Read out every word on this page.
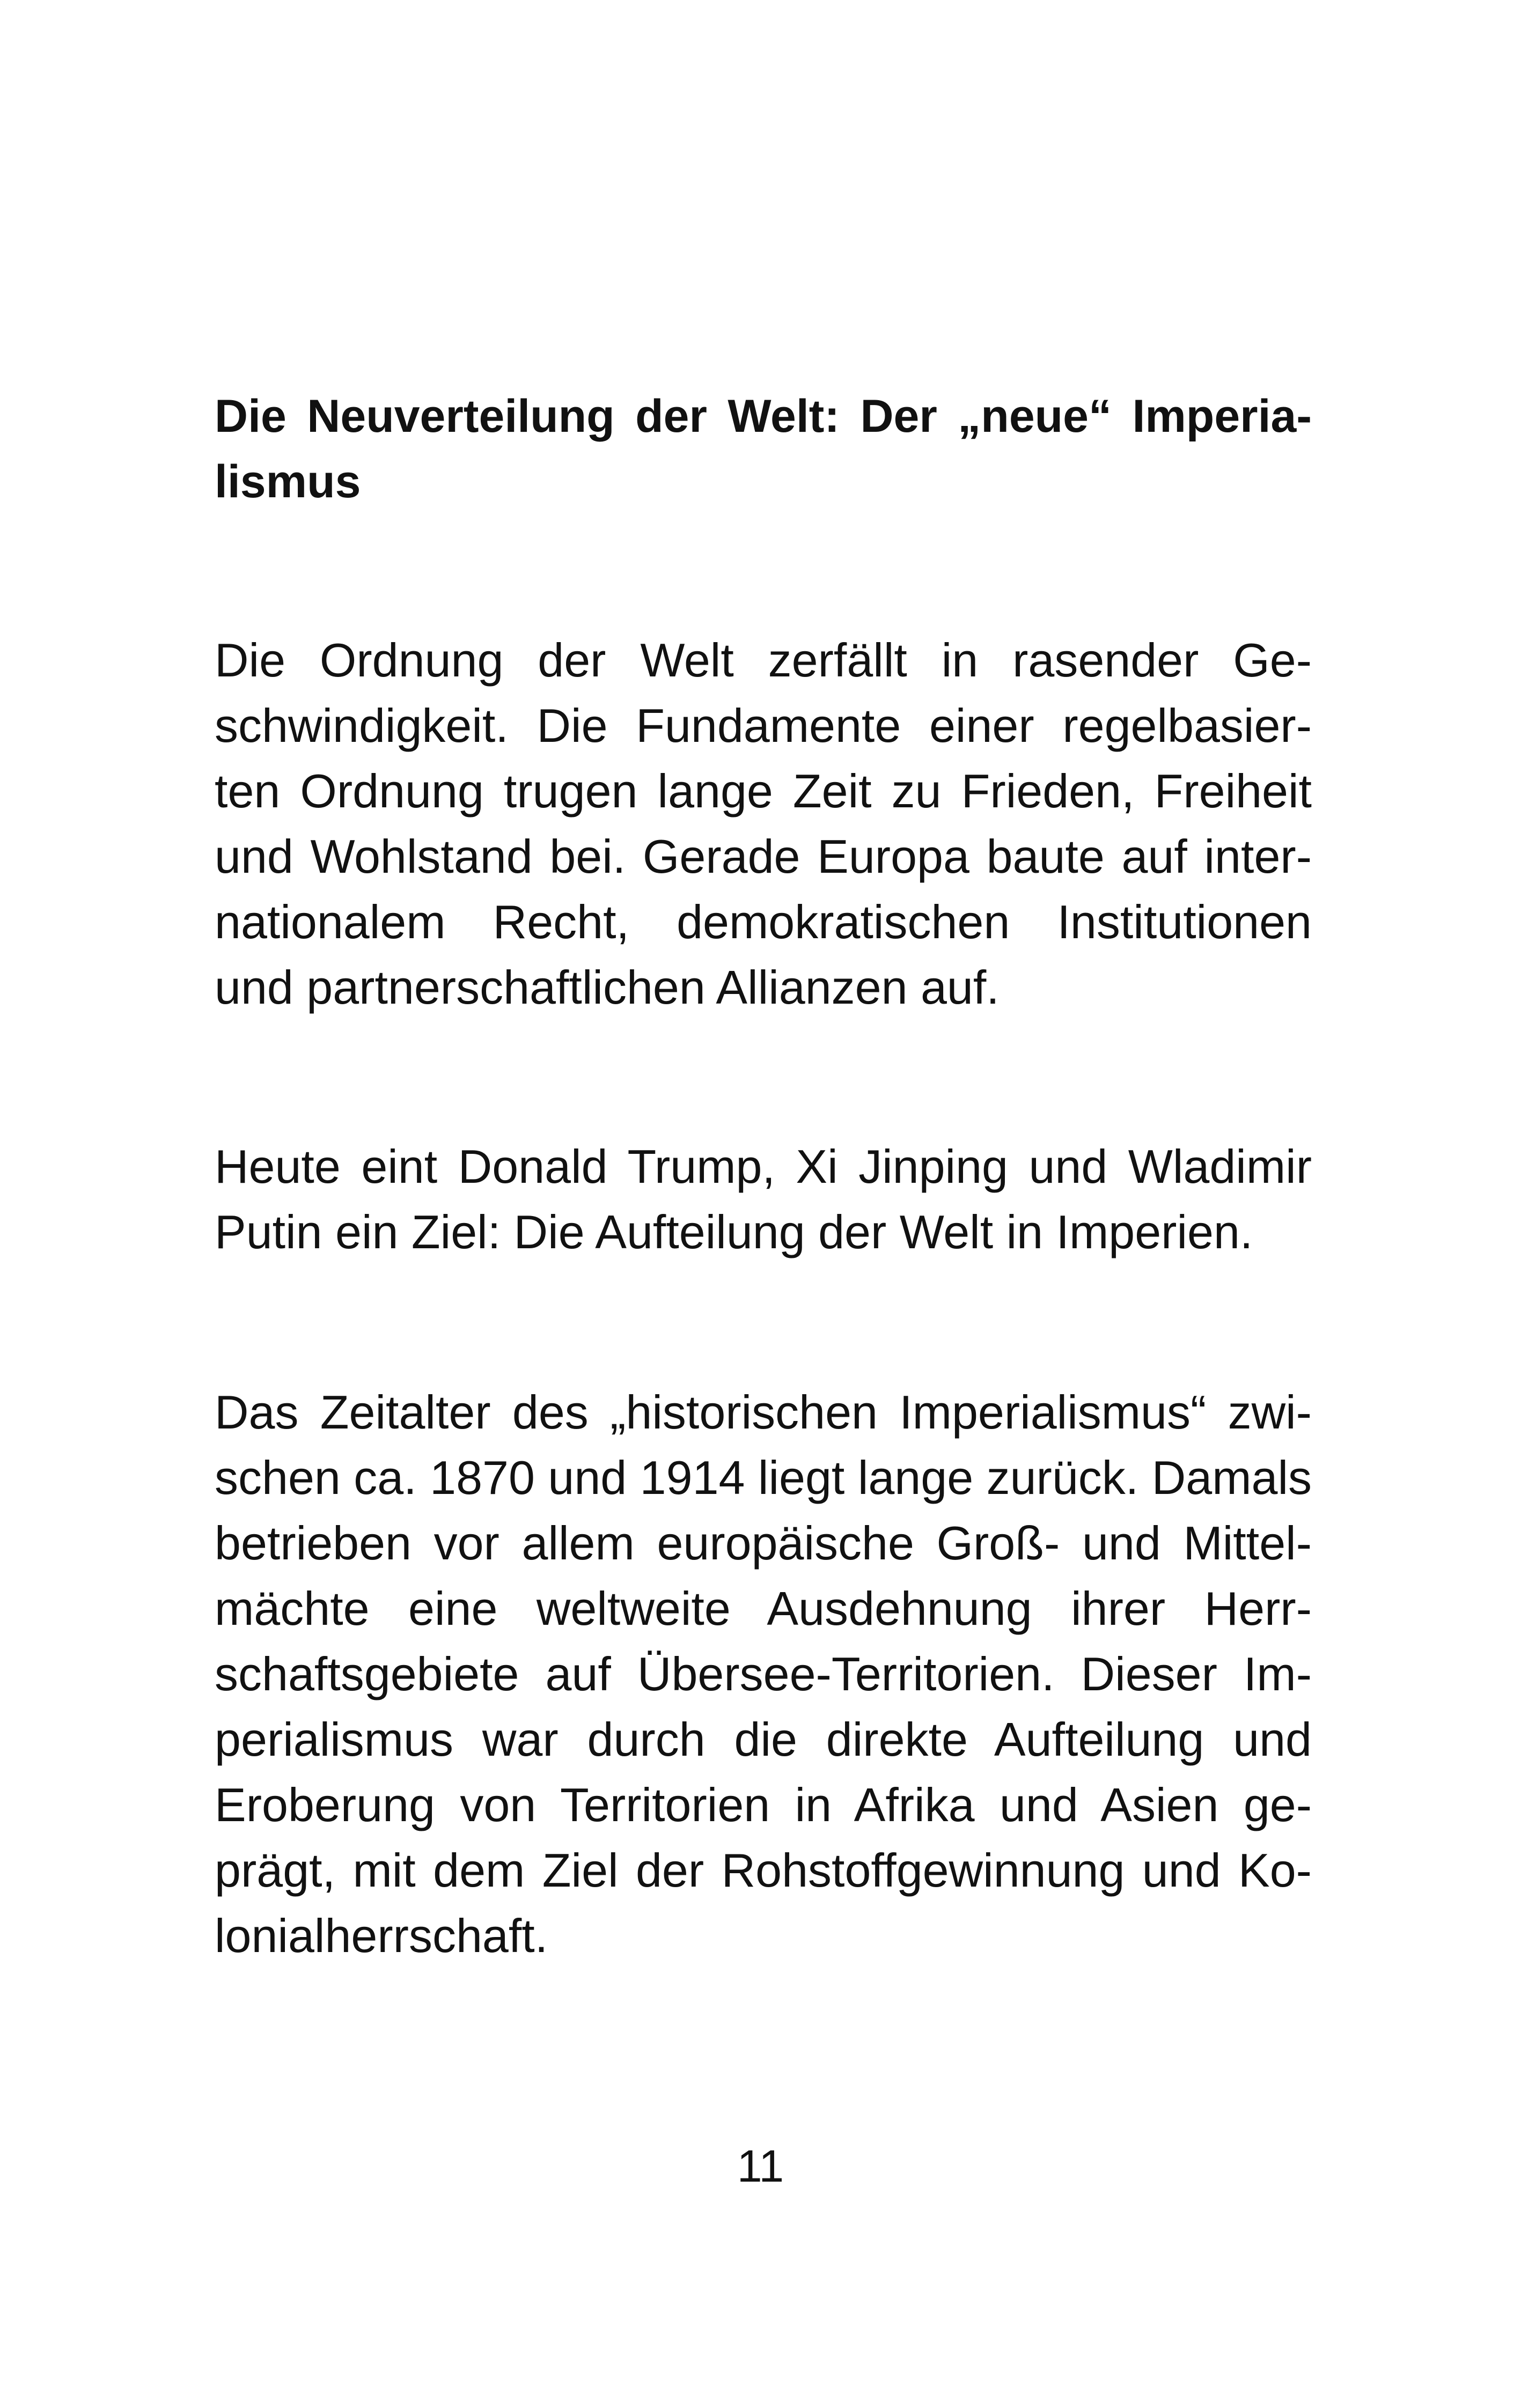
Die Neuverteilung der Welt: Der „neue“ Imperia-
lismus
Die Ordnung der Welt zerfällt in rasender Ge-
schwindigkeit. Die Fundamente einer regelbasier-
ten Ordnung trugen lange Zeit zu Frieden, Freiheit
und Wohlstand bei. Gerade Europa baute auf inter-
nationalem Recht, demokratischen Institutionen
und partnerschaftlichen Allianzen auf.
Heute eint Donald Trump, Xi Jinping und Wladimir
Putin ein Ziel: Die Aufteilung der Welt in Imperien.
Das Zeitalter des „historischen Imperialismus“ zwi-
schen ca. 1870 und 1914 liegt lange zurück. Damals
betrieben vor allem europäische Groß- und Mittel-
mächte eine weltweite Ausdehnung ihrer Herr-
schaftsgebiete auf Übersee-Territorien. Dieser Im-
perialismus war durch die direkte Aufteilung und
Eroberung von Territorien in Afrika und Asien ge-
prägt, mit dem Ziel der Rohstoffgewinnung und Ko-
lonialherrschaft.
11
